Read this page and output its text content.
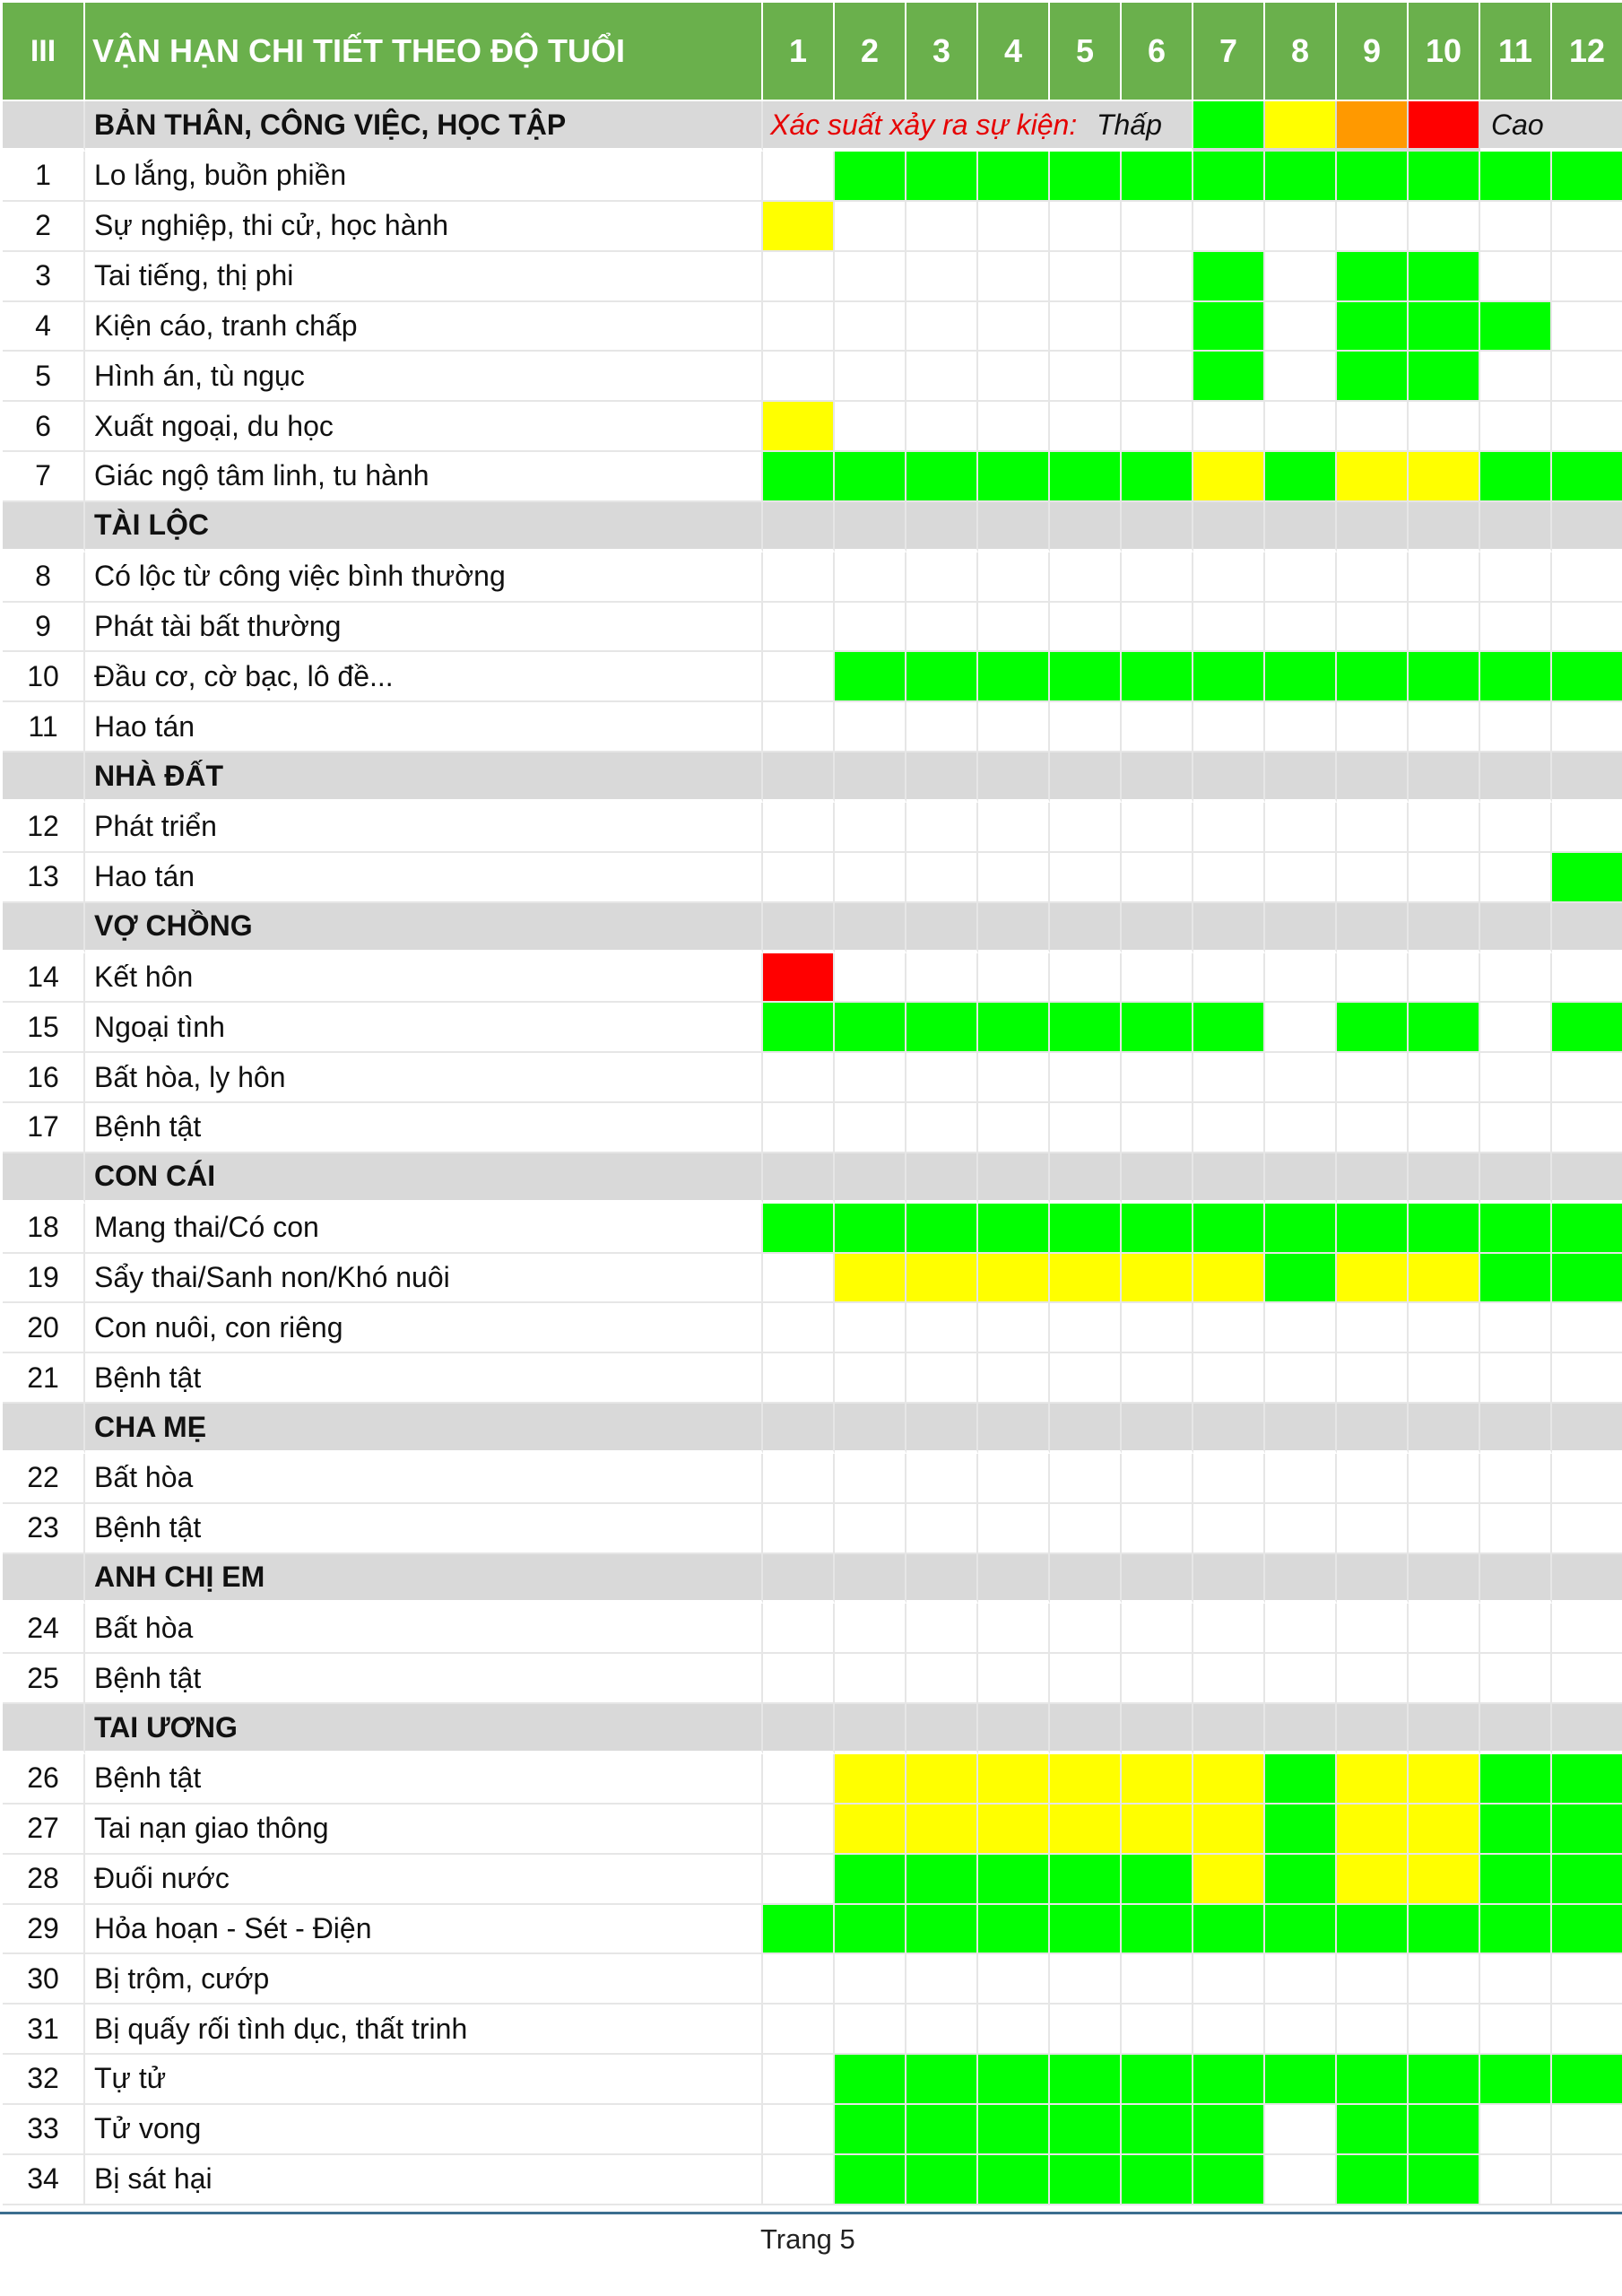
III	VẬN HẠN CHI TIẾT THEO ĐỘ TUỔI	1	2	3	4	5	6	7	8	9	10	11	12
BẢN THÂN, CÔNG VIỆC, HỌC TẬP	Xác suất xảy ra sự kiện: Thấp	Cao
1	Lo lắng, buồn phiền
2	Sự nghiệp, thi cử, học hành
3	Tai tiếng, thị phi
4	Kiện cáo, tranh chấp
5	Hình án, tù ngục
6	Xuất ngoại, du học
7	Giác ngộ tâm linh, tu hành
TÀI LỘC
8	Có lộc từ công việc bình thường
9	Phát tài bất thường
10	Đầu cơ, cờ bạc, lô đề...
11	Hao tán
NHÀ ĐẤT
12	Phát triển
13	Hao tán
VỢ CHỒNG
14	Kết hôn
15	Ngoại tình
16	Bất hòa, ly hôn
17	Bệnh tật
CON CÁI
18	Mang thai/Có con
19	Sẩy thai/Sanh non/Khó nuôi
20	Con nuôi, con riêng
21	Bệnh tật
CHA MẸ
22	Bất hòa
23	Bệnh tật
ANH CHỊ EM
24	Bất hòa
25	Bệnh tật
TAI ƯƠNG
26	Bệnh tật
27	Tai nạn giao thông
28	Đuối nước
29	Hỏa hoạn - Sét - Điện
30	Bị trộm, cướp
31	Bị quấy rối tình dục, thất trinh
32	Tự tử
33	Tử vong
34	Bị sát hại
Trang 5
